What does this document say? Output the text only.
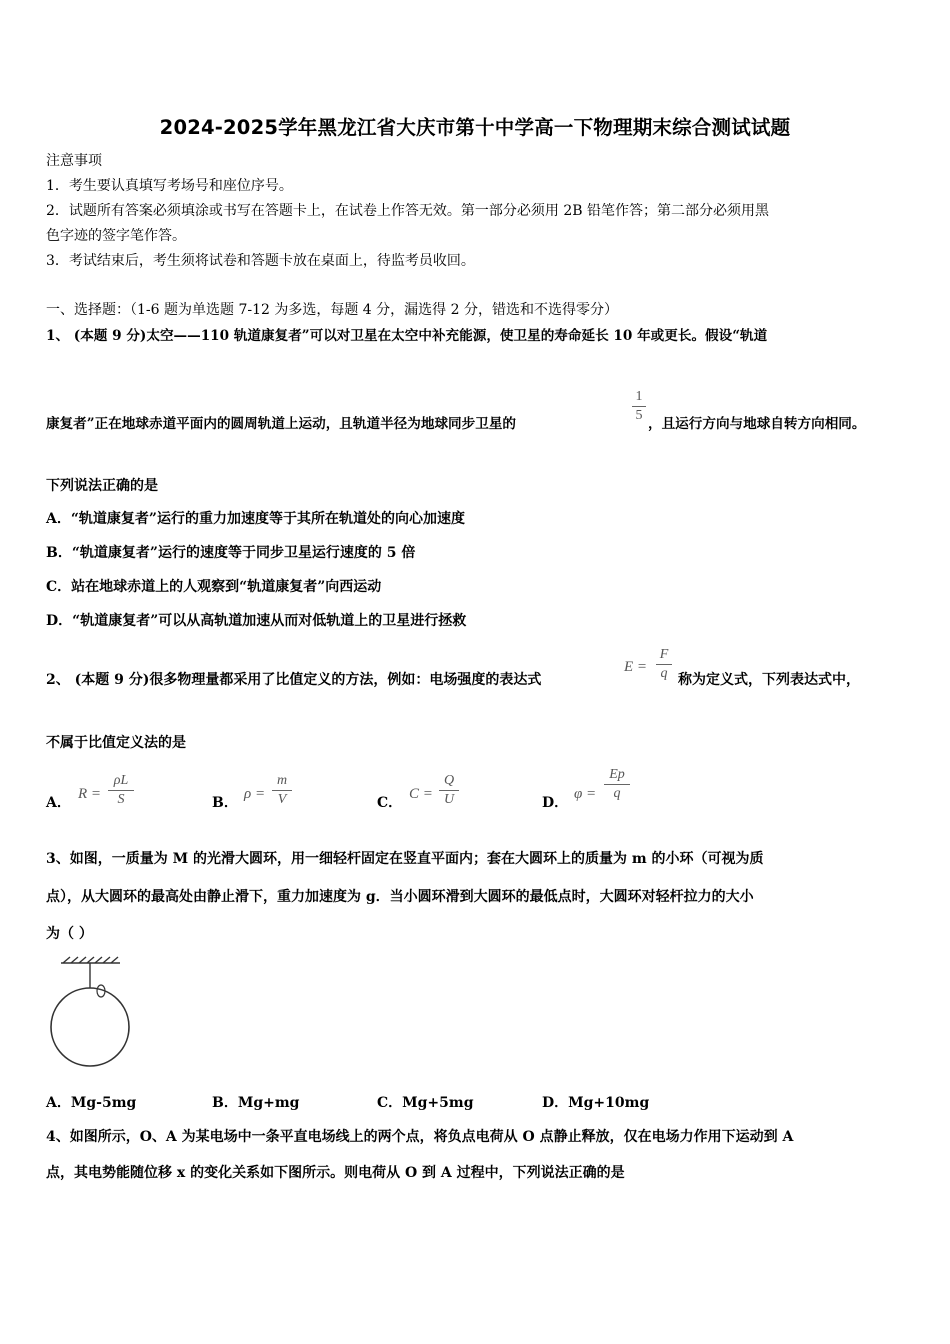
2024-2025学年黑龙江省大庆市第十中学高一下物理期末综合测试试题
注意事项
1．考生要认真填写考场号和座位序号。
2．试题所有答案必须填涂或书写在答题卡上，在试卷上作答无效。第一部分必须用 2B 铅笔作答；第二部分必须用黑
色字迹的签字笔作答。
3．考试结束后，考生须将试卷和答题卡放在桌面上，待监考员收回。
一、选择题：（1-6 题为单选题 7-12 为多选，每题 4 分，漏选得 2 分，错选和不选得零分）
1、 (本题 9 分)太空——110 轨道康复者”可以对卫星在太空中补充能源，使卫星的寿命延长 10 年或更长。假设“轨道
康复者”正在地球赤道平面内的圆周轨道上运动，且轨道半径为地球同步卫星的
1
5
，且运行方向与地球自转方向相同。
下列说法正确的是
A．“轨道康复者”运行的重力加速度等于其所在轨道处的向心加速度
B．“轨道康复者”运行的速度等于同步卫星运行速度的 5 倍
C．站在地球赤道上的人观察到“轨道康复者”向西运动
D．“轨道康复者”可以从高轨道加速从而对低轨道上的卫星进行拯救
2、 (本题 9 分)很多物理量都采用了比值定义的方法，例如：电场强度的表达式
E =
F
q 称为定义式，下列表达式中，
不属于比值定义法的是
A．
R =
ρL
S	B．
ρ =
m
V	C．
C =
Q
U	D．
φ =
Ep
q
3、如图，一质量为 M 的光滑大圆环，用一细轻杆固定在竖直平面内；套在大圆环上的质量为 m 的小环（可视为质
点），从大圆环的最高处由静止滑下，重力加速度为 g．当小圆环滑到大圆环的最低点时，大圆环对轻杆拉力的大小
为（ ）
A．Mg-5mg	B．Mg+mg	C．Mg+5mg	D．Mg+10mg
4、如图所示，O、A 为某电场中一条平直电场线上的两个点，将负点电荷从 O 点静止释放，仅在电场力作用下运动到 A
点，其电势能随位移 x 的变化关系如下图所示。则电荷从 O 到 A 过程中，下列说法正确的是
